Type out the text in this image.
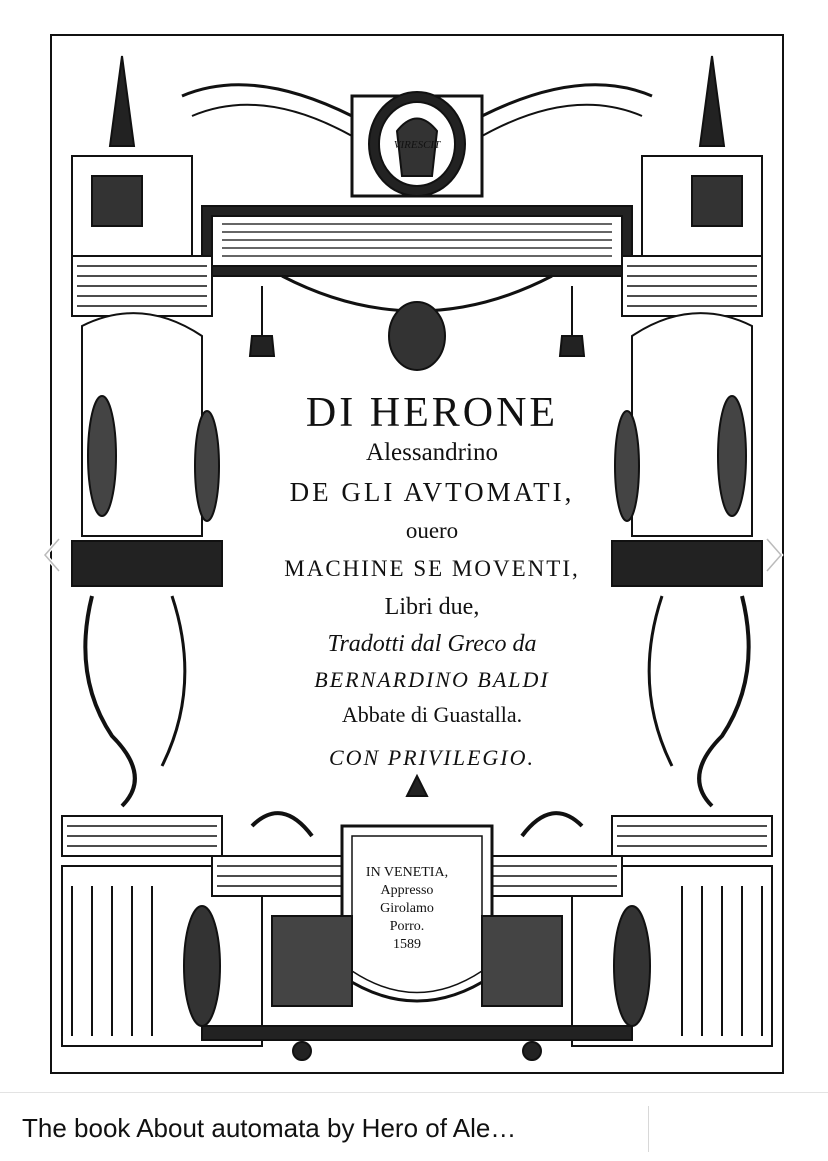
VIRESCIT
DI HERONE
Alessandrino
DE GLI AVTOMATI,
ouero
MACHINE SE MOVENTI,
Libri due,
Tradotti dal Greco da
BERNARDINO BALDI
Abbate di Guastalla.
CON PRIVILEGIO.
IN VENETIA,
Appresso
Girolamo
Porro.
1589
The book About automata by Hero of Ale…
